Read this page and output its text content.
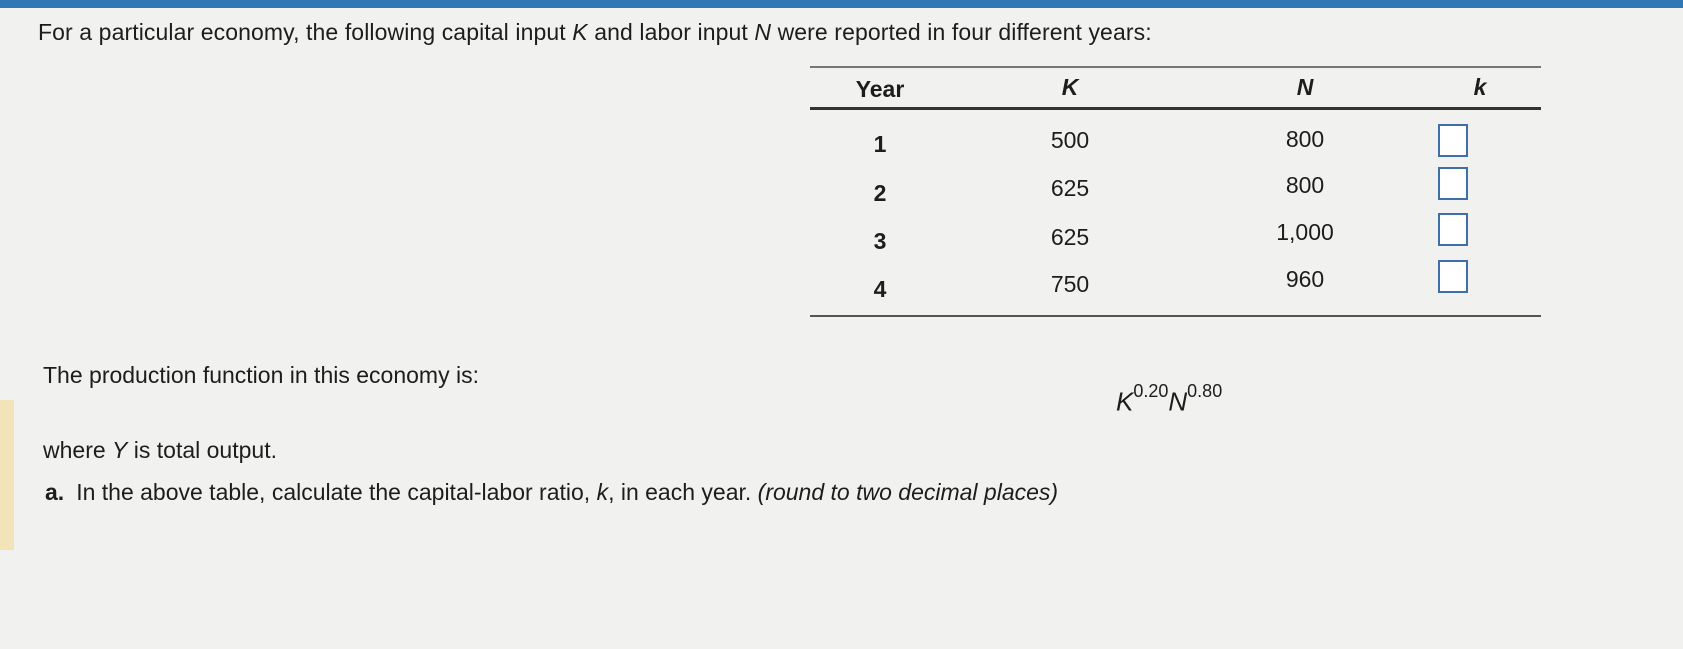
For a particular economy, the following capital input K and labor input N were reported in four different years:
Year	K	N	k
1	500	800
2	625	800
3	625	1,000
4	750	960
The production function in this economy is:
$K^{0.20}N^{0.80}$
where Y is total output.
a. In the above table, calculate the capital-labor ratio, k, in each year. (round to two decimal places)
